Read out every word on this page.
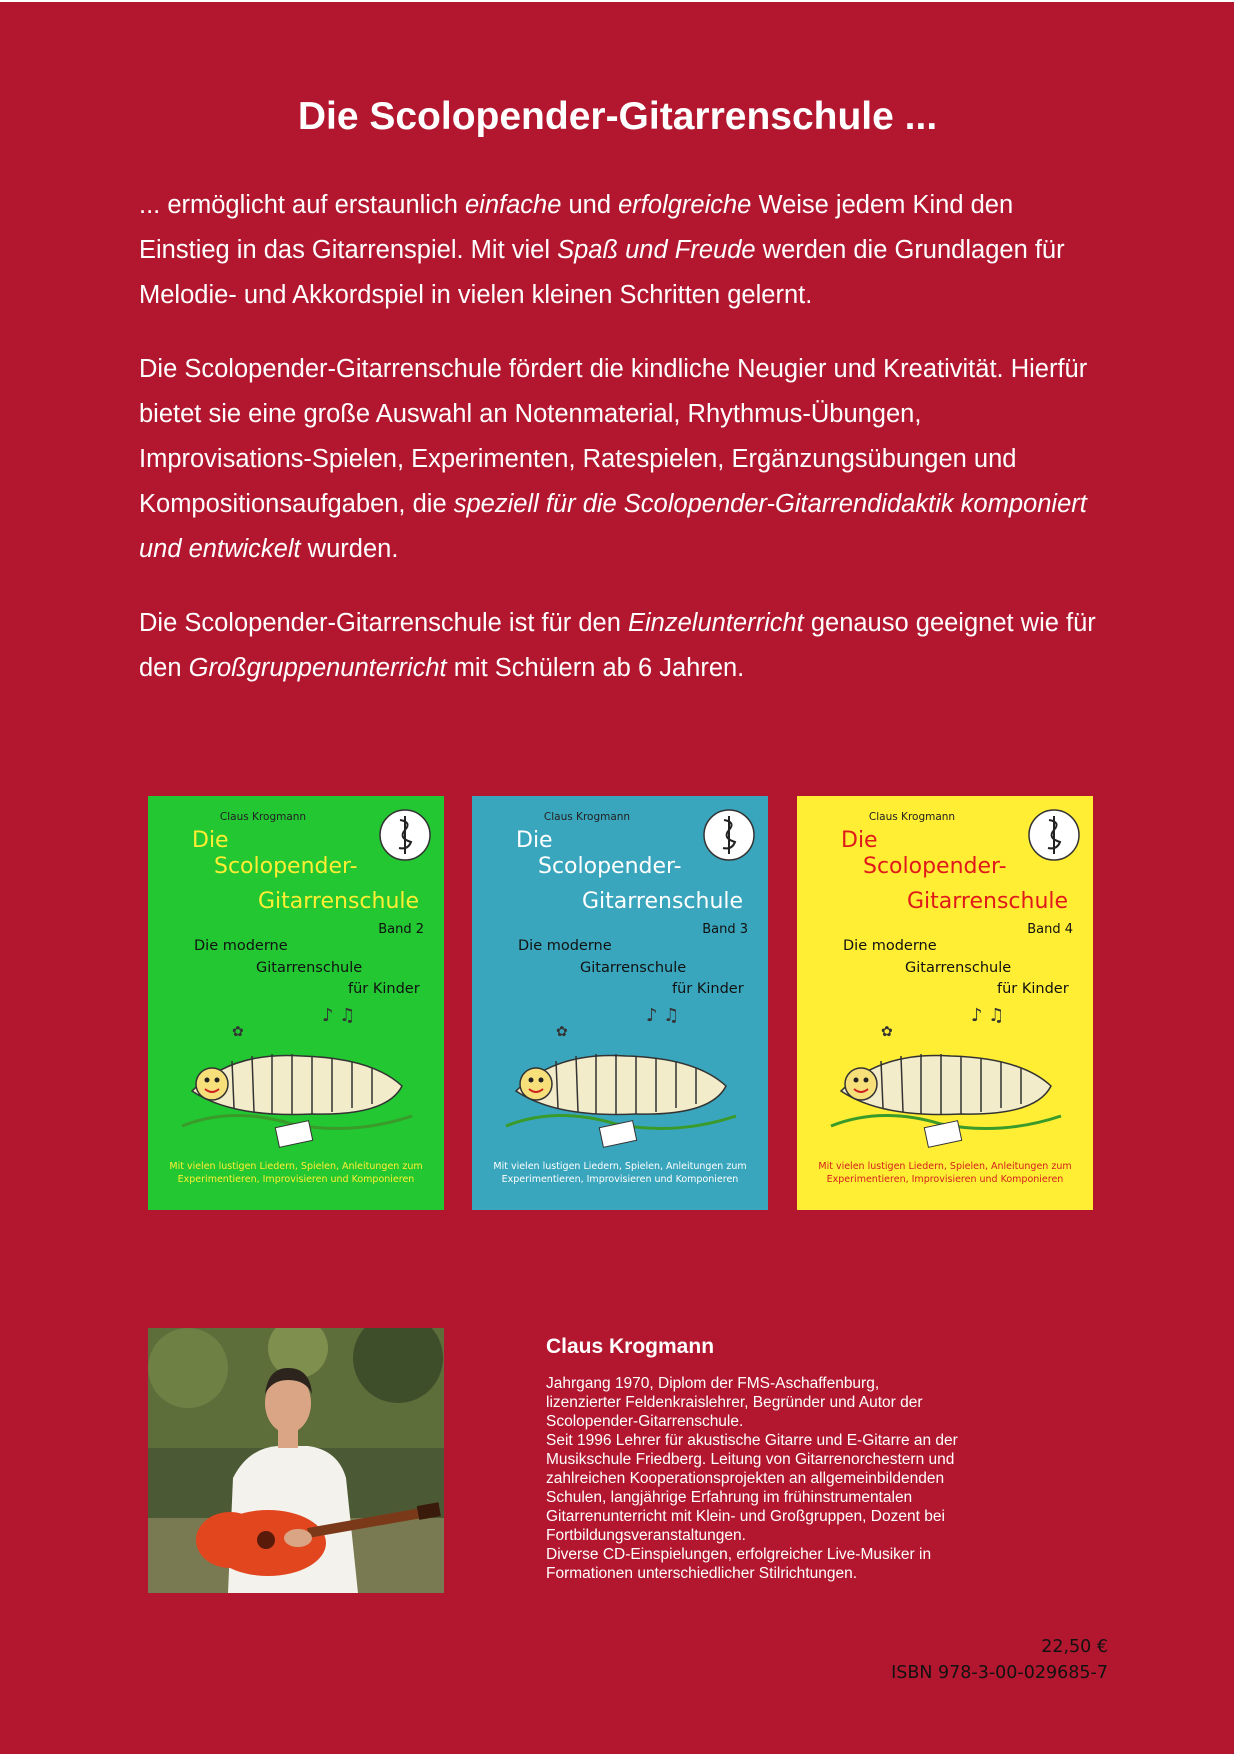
Die Scolopender-Gitarrenschule ...

... ermöglicht auf erstaunlich einfache und erfolgreiche Weise jedem Kind den Einstieg in das Gitarrenspiel. Mit viel Spaß und Freude werden die Grundlagen für Melodie- und Akkordspiel in vielen kleinen Schritten gelernt.

Die Scolopender-Gitarrenschule fördert die kindliche Neugier und Kreativität. Hierfür bietet sie eine große Auswahl an Notenmaterial, Rhythmus-Übungen, Improvisations-Spielen, Experimenten, Ratespielen, Ergänzungsübungen und Kompositionsaufgaben, die speziell für die Scolopender-Gitarrendidaktik komponiert und entwickelt wurden.

Die Scolopender-Gitarrenschule ist für den Einzelunterricht genauso geeignet wie für den Großgruppenunterricht mit Schülern ab 6 Jahren.

Claus Krogmann
Die
Scolopender-
Gitarrenschule
Band 2
Die moderne
Gitarrenschule
für Kinder
♪ ♫
✿
Mit vielen lustigen Liedern, Spielen, Anleitungen zum Experimentieren, Improvisieren und Komponieren
Claus Krogmann
Die
Scolopender-
Gitarrenschule
Band 3
Die moderne
Gitarrenschule
für Kinder
♪ ♫
✿
Mit vielen lustigen Liedern, Spielen, Anleitungen zum Experimentieren, Improvisieren und Komponieren
Claus Krogmann
Die
Scolopender-
Gitarrenschule
Band 4
Die moderne
Gitarrenschule
für Kinder
♪ ♫
✿
Mit vielen lustigen Liedern, Spielen, Anleitungen zum Experimentieren, Improvisieren und Komponieren
Claus Krogmann

Jahrgang 1970, Diplom der FMS-Aschaffenburg,
lizenzierter Feldenkraislehrer, Begründer und Autor der
Scolopender-Gitarrenschule.
Seit 1996 Lehrer für akustische Gitarre und E-Gitarre an der
Musikschule Friedberg. Leitung von Gitarrenorchestern und
zahlreichen Kooperationsprojekten an allgemeinbildenden
Schulen, langjährige Erfahrung im frühinstrumentalen
Gitarrenunterricht mit Klein- und Großgruppen, Dozent bei
Fortbildungsveranstaltungen.
Diverse CD-Einspielungen, erfolgreicher Live-Musiker in
Formationen unterschiedlicher Stilrichtungen.

22,50 €
ISBN 978-3-00-029685-7
